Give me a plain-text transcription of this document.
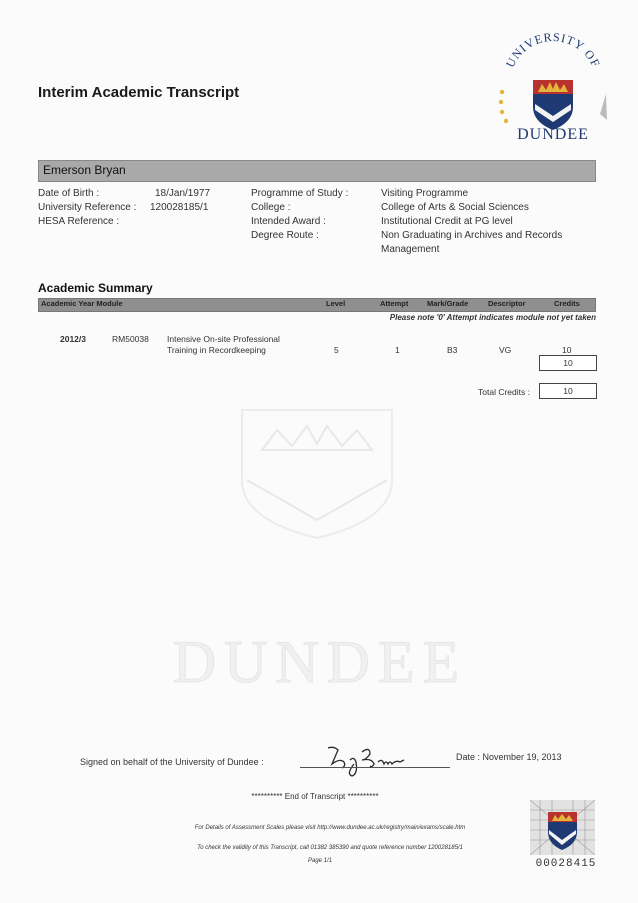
Interim Academic Transcript
UNIVERSITY OF
DUNDEE
Emerson Bryan
Date of Birth :	18/Jan/1977
University Reference : 120028185/1
HESA Reference :
Programme of Study :	Visiting Programme
College :	College of Arts & Social Sciences
Intended Award :	Institutional Credit at PG level
Degree Route :	Non Graduating in Archives and Records
Management
Academic Summary
Academic Year Module	Level	Attempt Mark/Grade	Descriptor	Credits
Please note '0' Attempt indicates module not yet taken
2012/3	RM50038 Intensive On-site Professional
Training in Recordkeeping	5	1	B3	VG	10
10
Total Credits :	10
DUNDEE
Signed on behalf of the University of Dundee :	Date : November 19, 2013
********** End of Transcript **********
For Details of Assessment Scales please visit http://www.dundee.ac.uk/registry/main/exams/scale.htm
To check the validity of this Transcript, call 01382 385390 and quote reference number 120028185/1
Page 1/1	00028415
